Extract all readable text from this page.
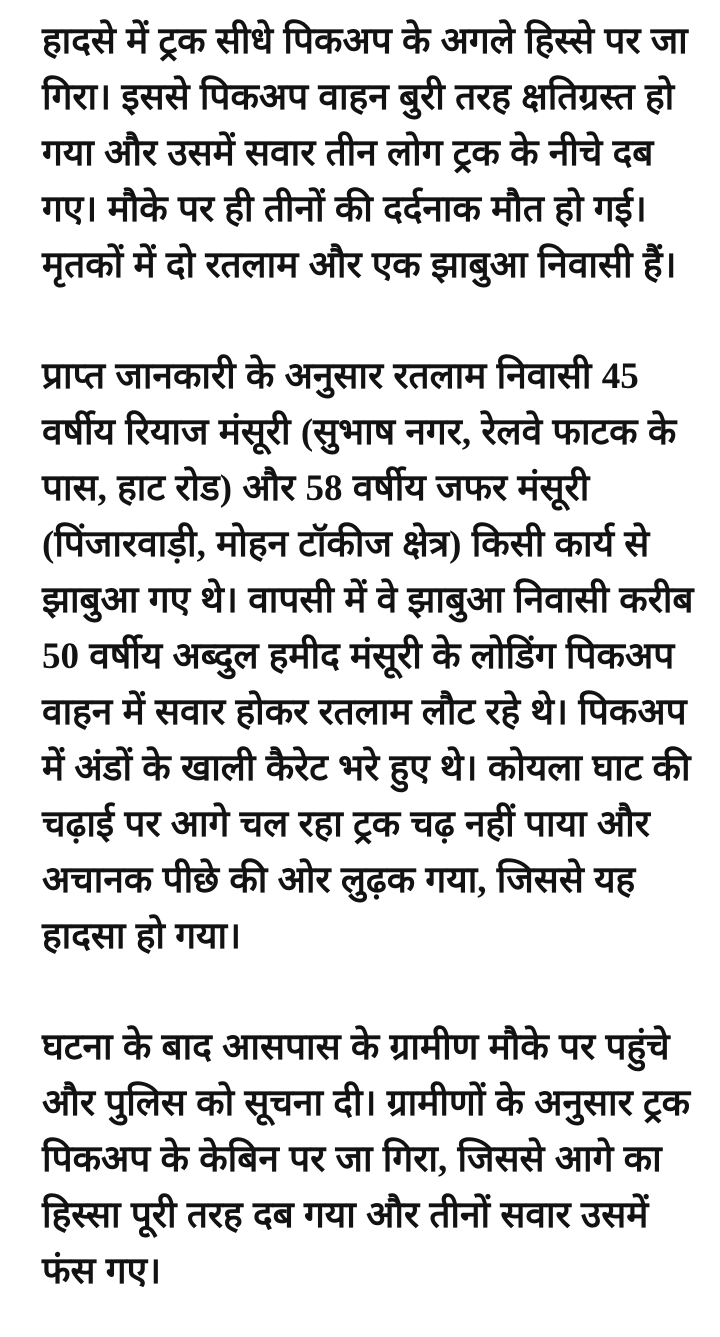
हादसे में ट्रक सीधे पिकअप के अगले हिस्से पर जा गिरा। इससे पिकअप वाहन बुरी तरह क्षतिग्रस्त हो गया और उसमें सवार तीन लोग ट्रक के नीचे दब गए। मौके पर ही तीनों की दर्दनाक मौत हो गई। मृतकों में दो रतलाम और एक झाबुआ निवासी हैं।

प्राप्त जानकारी के अनुसार रतलाम निवासी 45 वर्षीय रियाज मंसूरी (सुभाष नगर, रेलवे फाटक के पास, हाट रोड) और 58 वर्षीय जफर मंसूरी (पिंजारवाड़ी, मोहन टॉकीज क्षेत्र) किसी कार्य से झाबुआ गए थे। वापसी में वे झाबुआ निवासी करीब 50 वर्षीय अब्दुल हमीद मंसूरी के लोडिंग पिकअप वाहन में सवार होकर रतलाम लौट रहे थे। पिकअप में अंडों के खाली कैरेट भरे हुए थे। कोयला घाट की चढ़ाई पर आगे चल रहा ट्रक चढ़ नहीं पाया और अचानक पीछे की ओर लुढ़क गया, जिससे यह हादसा हो गया।

घटना के बाद आसपास के ग्रामीण मौके पर पहुंचे और पुलिस को सूचना दी। ग्रामीणों के अनुसार ट्रक पिकअप के केबिन पर जा गिरा, जिससे आगे का हिस्सा पूरी तरह दब गया और तीनों सवार उसमें फंस गए।
